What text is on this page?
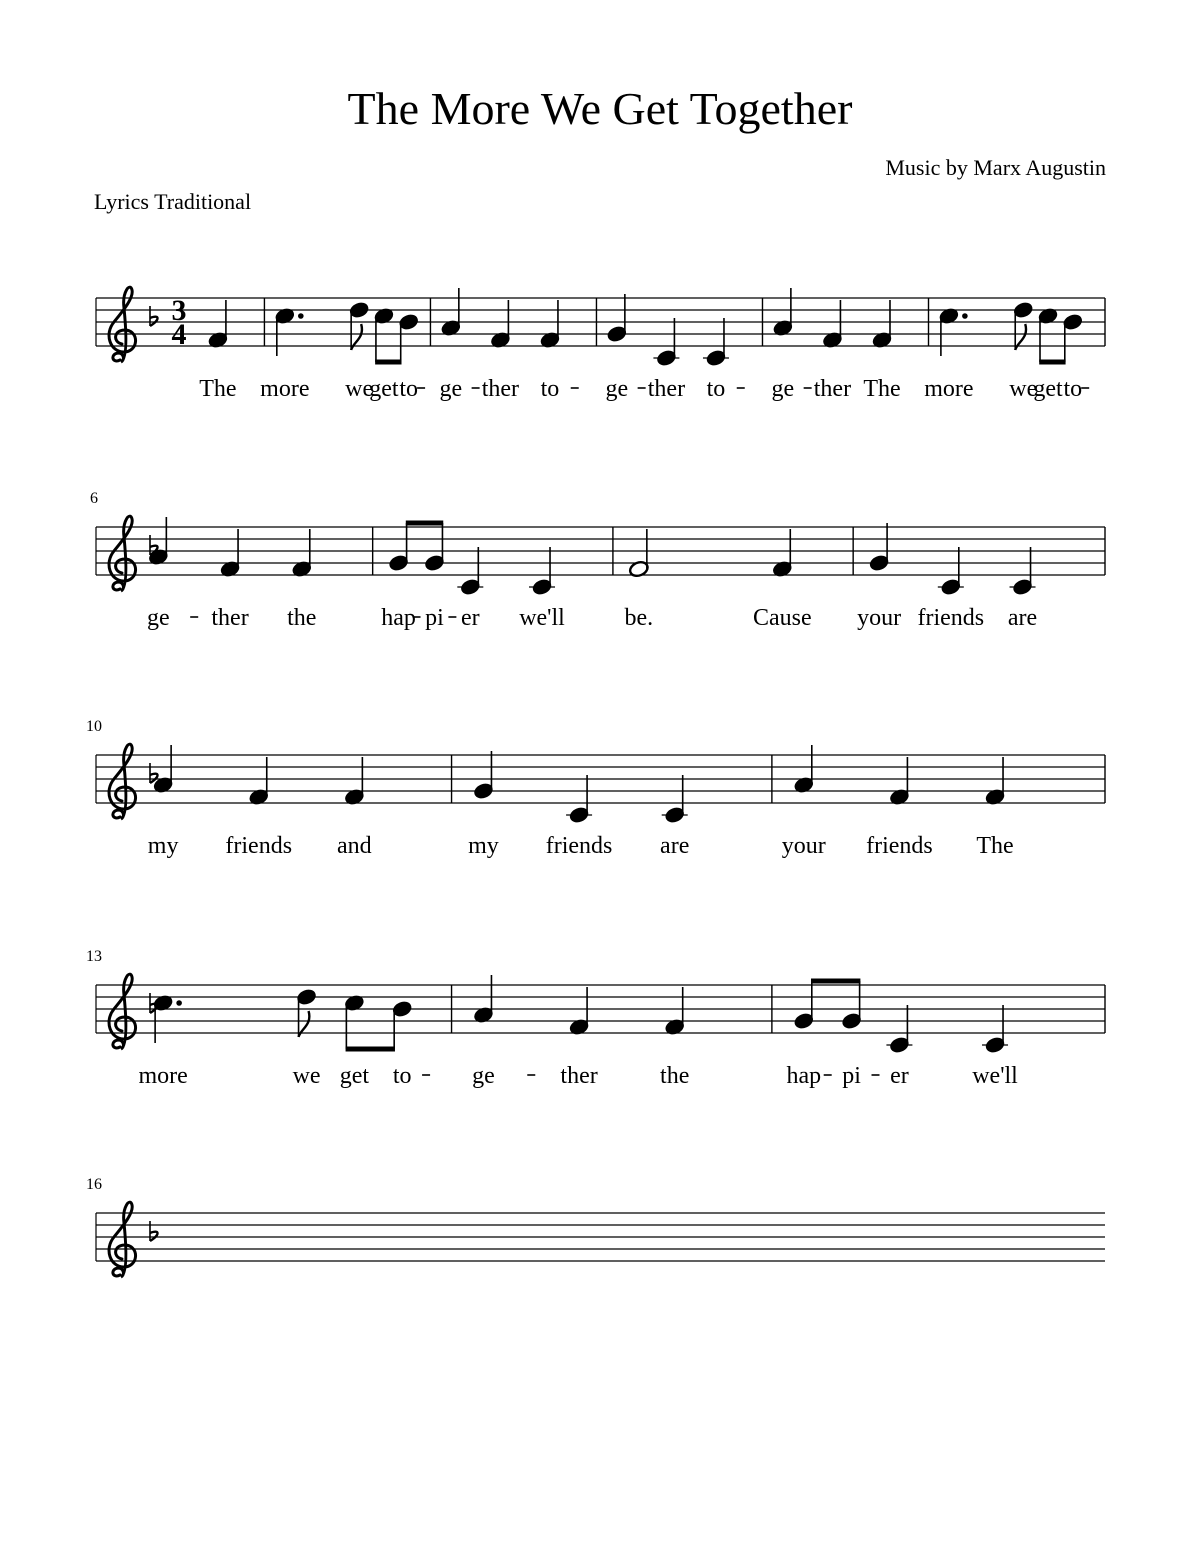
The More We Get Together
Music by Marx Augustin
Lyrics Traditional
3
4
The more we
get to ge ther to ge ther to ge ther The more we
get to
6
ge ther the	hap pi er we'll be.	Cause your friends are
10
my friends and	my friends are	your friends The
13
more	we get to	ge	ther	the	hap pi er	we'll
16
